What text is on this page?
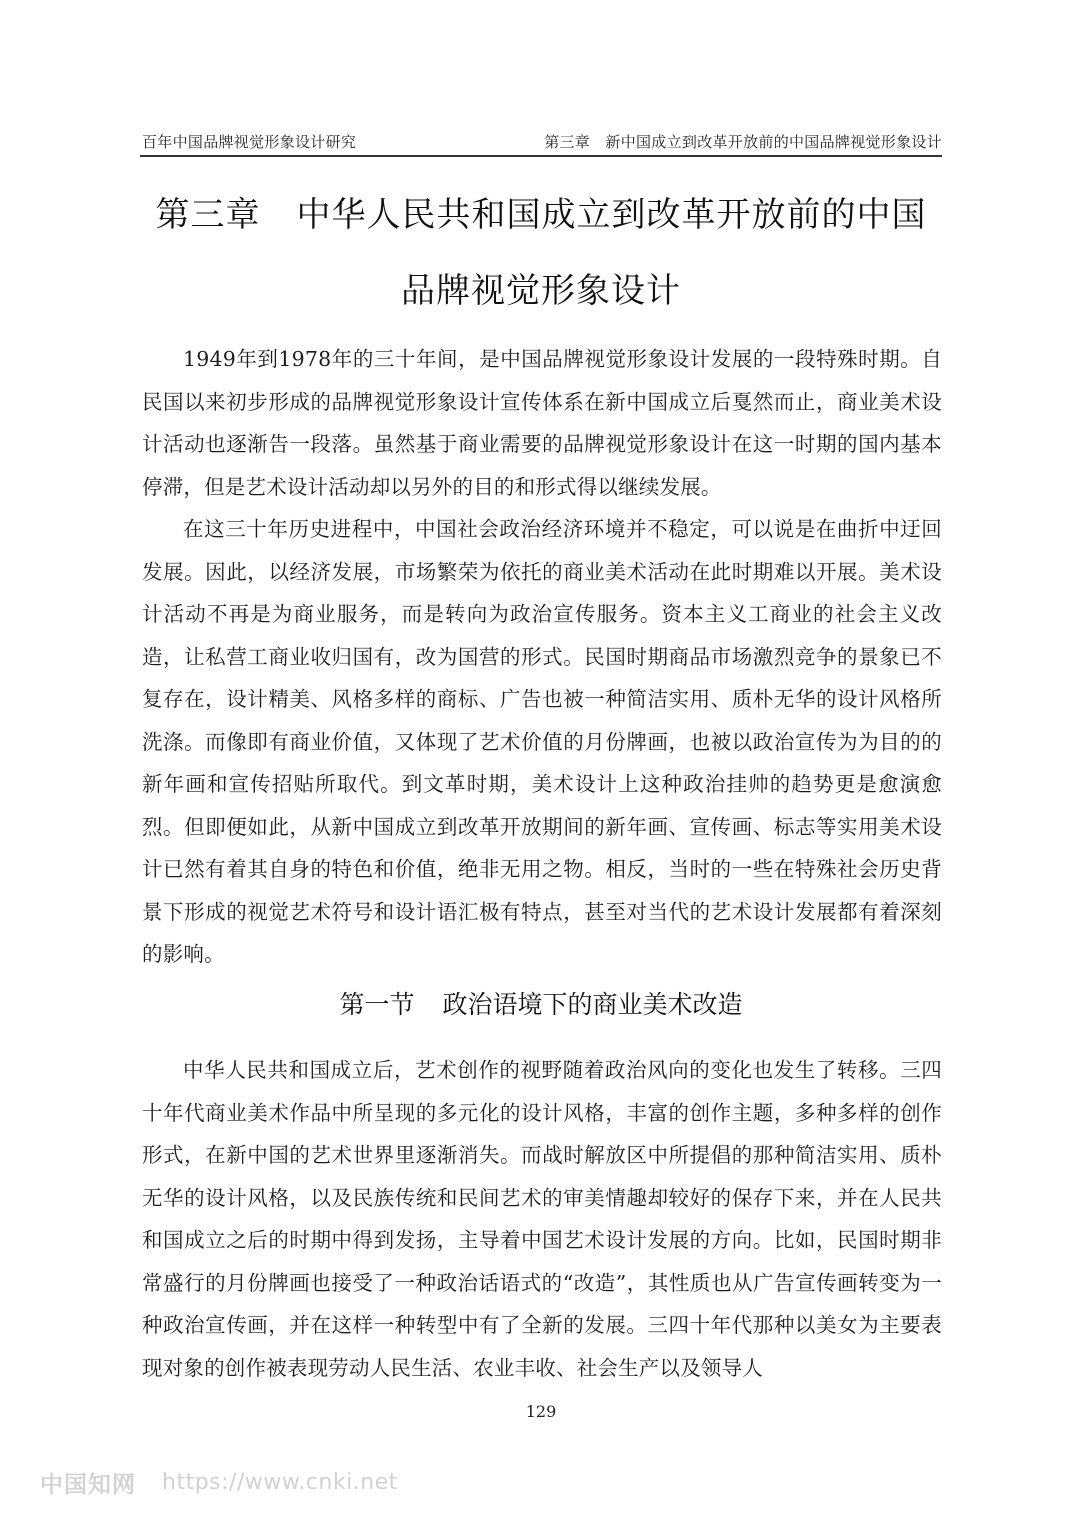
百年中国品牌视觉形象设计研究	第三章　新中国成立到改革开放前的中国品牌视觉形象设计
第三章 中华人民共和国成立到改革开放前的中国
品牌视觉形象设计

1949年到1978年的三十年间，是中国品牌视觉形象设计发展的一段特殊时期。自民国以来初步形成的品牌视觉形象设计宣传体系在新中国成立后戛然而止，商业美术设计活动也逐渐告一段落。虽然基于商业需要的品牌视觉形象设计在这一时期的国内基本停滞，但是艺术设计活动却以另外的目的和形式得以继续发展。

在这三十年历史进程中，中国社会政治经济环境并不稳定，可以说是在曲折中迂回发展。因此，以经济发展，市场繁荣为依托的商业美术活动在此时期难以开展。美术设计活动不再是为商业服务，而是转向为政治宣传服务。资本主义工商业的社会主义改造，让私营工商业收归国有，改为国营的形式。民国时期商品市场激烈竞争的景象已不复存在，设计精美、风格多样的商标、广告也被一种简洁实用、质朴无华的设计风格所洗涤。而像即有商业价值，又体现了艺术价值的月份牌画，也被以政治宣传为为目的的新年画和宣传招贴所取代。到文革时期，美术设计上这种政治挂帅的趋势更是愈演愈烈。但即便如此，从新中国成立到改革开放期间的新年画、宣传画、标志等实用美术设计已然有着其自身的特色和价值，绝非无用之物。相反，当时的一些在特殊社会历史背景下形成的视觉艺术符号和设计语汇极有特点，甚至对当代的艺术设计发展都有着深刻的影响。

第一节 政治语境下的商业美术改造

中华人民共和国成立后，艺术创作的视野随着政治风向的变化也发生了转移。三四十年代商业美术作品中所呈现的多元化的设计风格，丰富的创作主题，多种多样的创作形式，在新中国的艺术世界里逐渐消失。而战时解放区中所提倡的那种简洁实用、质朴无华的设计风格，以及民族传统和民间艺术的审美情趣却较好的保存下来，并在人民共和国成立之后的时期中得到发扬，主导着中国艺术设计发展的方向。比如，民国时期非常盛行的月份牌画也接受了一种政治话语式的“改造”，其性质也从广告宣传画转变为一种政治宣传画，并在这样一种转型中有了全新的发展。三四十年代那种以美女为主要表现对象的创作被表现劳动人民生活、农业丰收、社会生产以及领导人

129
中国知网 https://www.cnki.net
